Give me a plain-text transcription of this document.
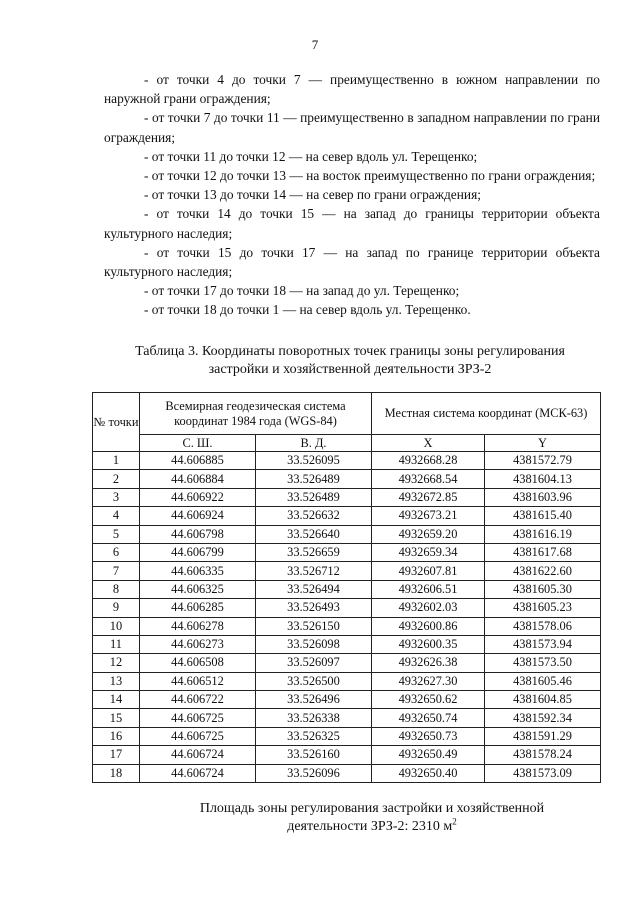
7

- от точки 4 до точки 7 — преимущественно в южном направлении по наружной грани ограждения;

- от точки 7 до точки 11 — преимущественно в западном направлении по грани ограждения;

- от точки 11 до точки 12 — на север вдоль ул. Терещенко;

- от точки 12 до точки 13 — на восток преимущественно по грани ограждения;

- от точки 13 до точки 14 — на север по грани ограждения;

- от точки 14 до точки 15 — на запад до границы территории объекта культурного наследия;

- от точки 15 до точки 17 — на запад по границе территории объекта культурного наследия;

- от точки 17 до точки 18 — на запад до ул. Терещенко;

- от точки 18 до точки 1 — на север вдоль ул. Терещенко.

Таблица 3. Координаты поворотных точек границы зоны регулирования
застройки и хозяйственной деятельности ЗРЗ-2
№ точки	Всемирная геодезическая система координат 1984 года (WGS-84)		Местная система координат (МСК-63)	
	С. Ш.	В. Д.	X	Y
1	44.606885	33.526095	4932668.28	4381572.79
2	44.606884	33.526489	4932668.54	4381604.13
3	44.606922	33.526489	4932672.85	4381603.96
4	44.606924	33.526632	4932673.21	4381615.40
5	44.606798	33.526640	4932659.20	4381616.19
6	44.606799	33.526659	4932659.34	4381617.68
7	44.606335	33.526712	4932607.81	4381622.60
8	44.606325	33.526494	4932606.51	4381605.30
9	44.606285	33.526493	4932602.03	4381605.23
10	44.606278	33.526150	4932600.86	4381578.06
11	44.606273	33.526098	4932600.35	4381573.94
12	44.606508	33.526097	4932626.38	4381573.50
13	44.606512	33.526500	4932627.30	4381605.46
14	44.606722	33.526496	4932650.62	4381604.85
15	44.606725	33.526338	4932650.74	4381592.34
16	44.606725	33.526325	4932650.73	4381591.29
17	44.606724	33.526160	4932650.49	4381578.24
18	44.606724	33.526096	4932650.40	4381573.09
Площадь зоны регулирования застройки и хозяйственной
деятельности ЗРЗ-2: 2310 $м^2$
